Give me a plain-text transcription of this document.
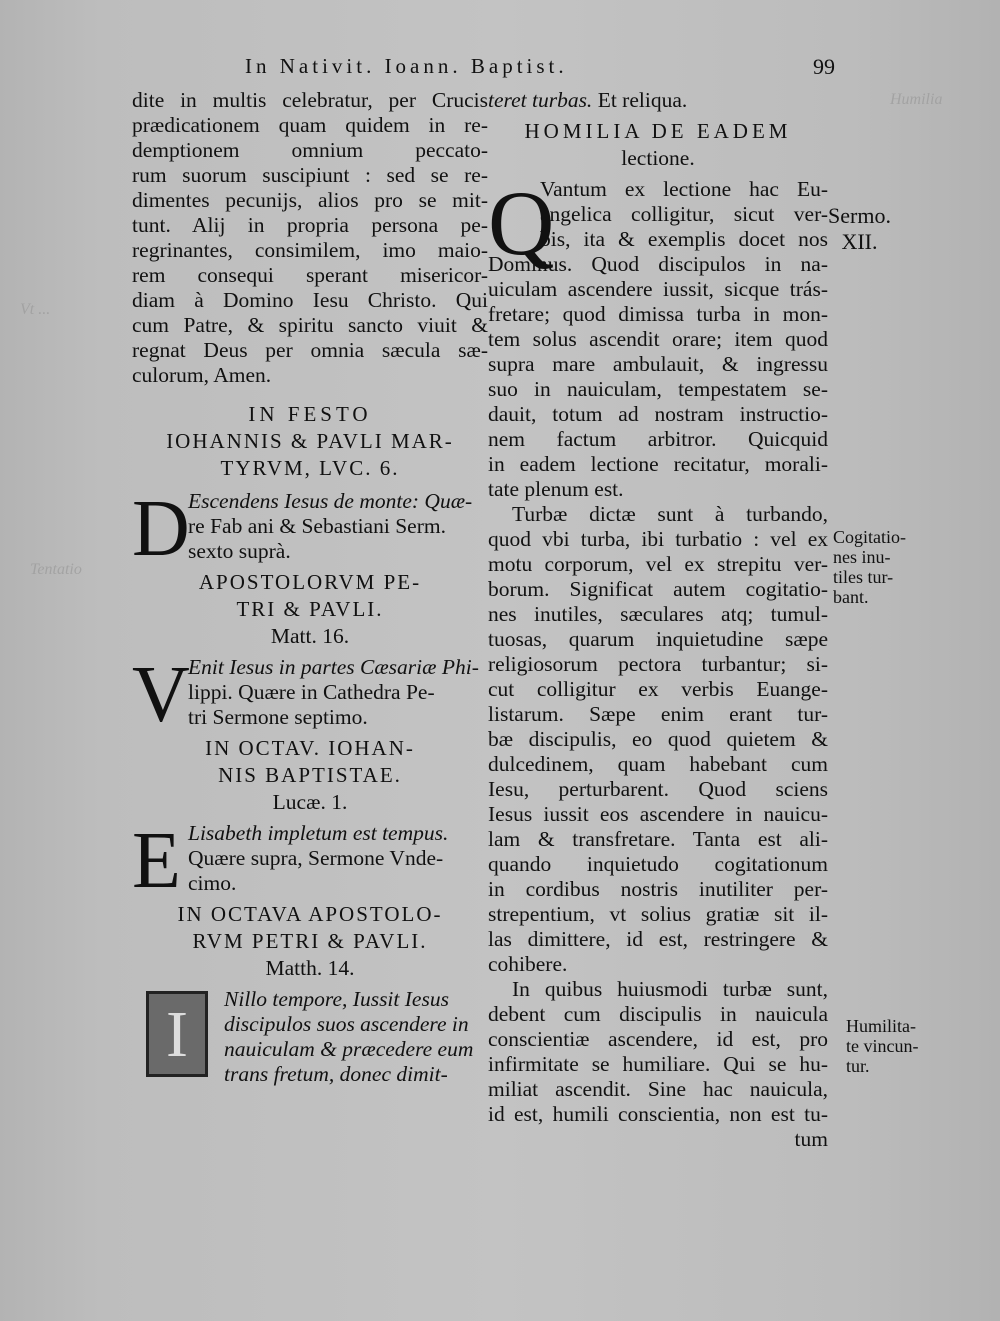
Humilia
Vt ...
Tentatio
In Nativit. Ioann. Baptist.	99
dite in multis celebratur, per Crucis
prædicationem quam quidem in re-
demptionem omnium peccato-
rum suorum suscipiunt : sed se re-
dimentes pecunijs, alios pro se mit-
tunt. Alij in propria persona pe-
regrinantes, consimilem, imo maio-
rem consequi sperant misericor-
diam à Domino Iesu Christo. Qui
cum Patre, & spiritu sancto viuit &
regnat Deus per omnia sæcula sæ-
culorum, Amen.
IN FESTO
IOHANNIS & PAVLI MAR-
TYRVM, LVC. 6.
D
Escendens Iesus de monte: Quæ-
re Fab ani & Sebastiani Serm.
sexto suprà.
APOSTOLORVM PE-
TRI & PAVLI.
Matt. 16.
V
Enit Iesus in partes Cæsariæ Phi-
lippi. Quære in Cathedra Pe-
tri Sermone septimo.
IN OCTAV. IOHAN-
NIS BAPTISTAE.
Lucæ. 1.
E Lisabeth impletum est tempus.
Quære supra, Sermone Vnde-
cimo.
IN OCTAVA APOSTOLO-
RVM PETRI & PAVLI.
Matth. 14.
I	Nillo tempore, Iussit Iesus
discipulos suos ascendere in
nauiculam & præcedere eum
trans fretum, donec dimit-
teret turbas. Et reliqua.
HOMILIA DE EADEM
lectione.
Q
Vantum ex lectione hac Eu-
angelica colligitur, sicut ver-
bis, ita & exemplis docet nos
Dominus. Quod discipulos in na-
uiculam ascendere iussit, sicque trás-
fretare; quod dimissa turba in mon-
tem solus ascendit orare; item quod
supra mare ambulauit, & ingressu
suo in nauiculam, tempestatem se-
dauit, totum ad nostram instructio-
nem factum arbitror. Quicquid
in eadem lectione recitatur, morali-
tate plenum est.
Turbæ dictæ sunt à turbando,
quod vbi turba, ibi turbatio : vel ex
motu corporum, vel ex strepitu ver-
borum. Significat autem cogitatio-
nes inutiles, sæculares atq; tumul-
tuosas, quarum inquietudine sæpe
religiosorum pectora turbantur; si-
cut colligitur ex verbis Euange-
listarum. Sæpe enim erant tur-
bæ discipulis, eo quod quietem &
dulcedinem, quam habebant cum
Iesu, perturbarent. Quod sciens
Iesus iussit eos ascendere in nauicu-
lam & transfretare. Tanta est ali-
quando inquietudo cogitationum
in cordibus nostris inutiliter per-
strepentium, vt solius gratiæ sit il-
las dimittere, id est, restringere &
cohibere.
In quibus huiusmodi turbæ sunt,
debent cum discipulis in nauicula
conscientiæ ascendere, id est, pro
infirmitate se humiliare. Qui se hu-
miliat ascendit. Sine hac nauicula,
id est, humili conscientia, non est tu-
tum
Sermo.
XII.
Cogitatio-
nes inu-
tiles tur-
bant.
Humilita-
te vincun-
tur.
